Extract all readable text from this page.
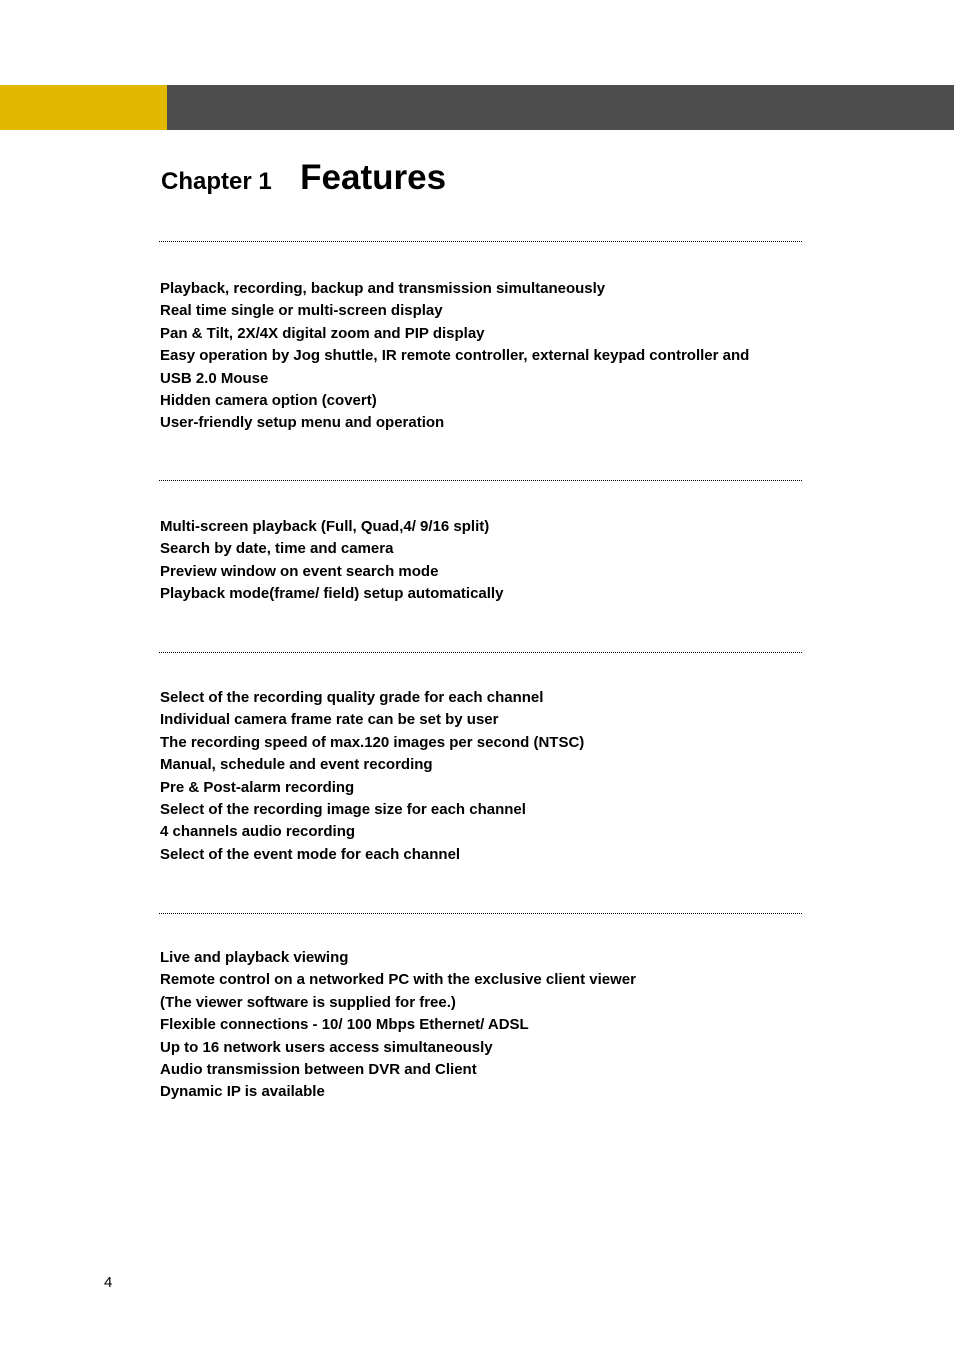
Chapter 1 Features
Playback, recording, backup and transmission simultaneously
Real time single or multi-screen display
Pan & Tilt, 2X/4X digital zoom and PIP display
Easy operation by Jog shuttle, IR remote controller, external keypad controller and
USB 2.0 Mouse
Hidden camera option (covert)
User-friendly setup menu and operation
Multi-screen playback (Full, Quad,4/ 9/16 split)
Search by date, time and camera
Preview window on event search mode
Playback mode(frame/ field) setup automatically
Select of the recording quality grade for each channel
Individual camera frame rate can be set by user
The recording speed of max.120 images per second (NTSC)
Manual, schedule and event recording
Pre & Post-alarm recording
Select of the recording image size for each channel
4 channels audio recording
Select of the event mode for each channel
Live and playback viewing
Remote control on a networked PC with the exclusive client viewer
(The viewer software is supplied for free.)
Flexible connections - 10/ 100 Mbps Ethernet/ ADSL
Up to 16 network users access simultaneously
Audio transmission between DVR and Client
Dynamic IP is available
4
